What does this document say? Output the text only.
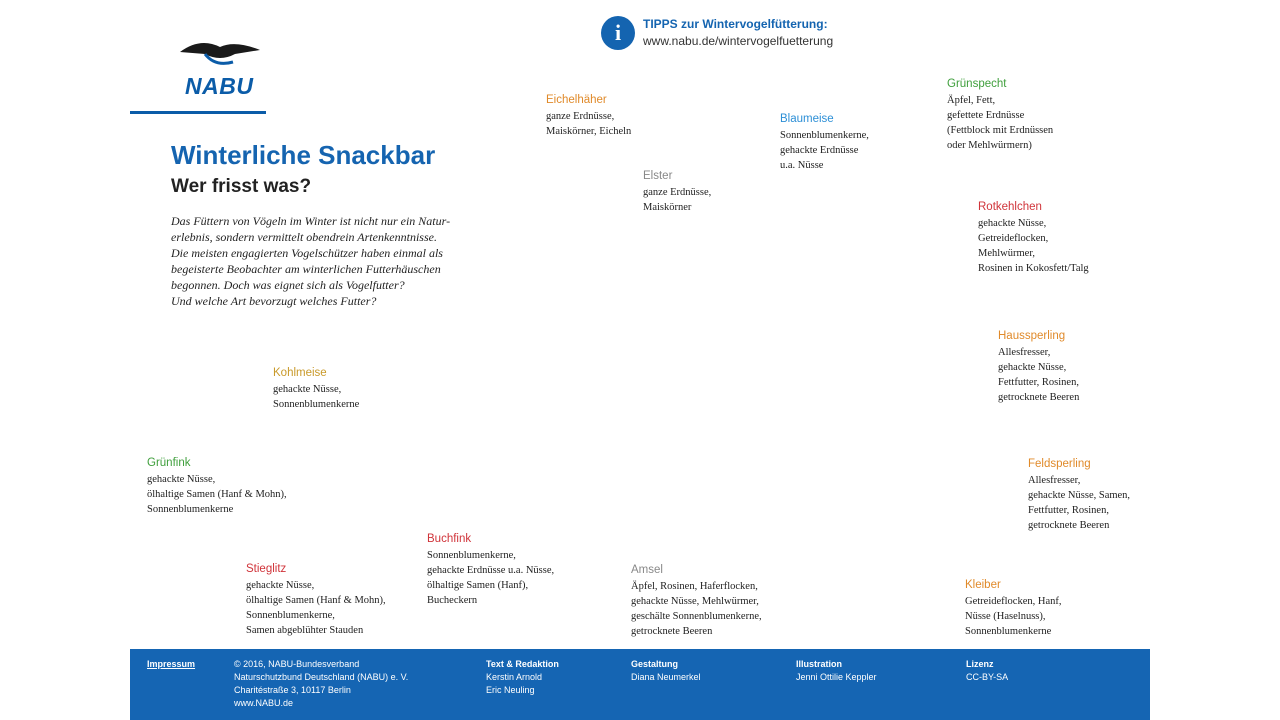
NABU
i	TIPPS zur Wintervogelfütterung:
www.nabu.de/wintervogelfuetterung
Winterliche Snackbar
Wer frisst was?
Das Füttern von Vögeln im Winter ist nicht nur ein Natur-
erlebnis, sondern vermittelt obendrein Artenkenntnisse.
Die meisten engagierten Vogelschützer haben einmal als
begeisterte Beobachter am winterlichen Futterhäuschen
begonnen. Doch was eignet sich als Vogelfutter?
Und welche Art bevorzugt welches Futter?
Eichelhäher
ganze Erdnüsse,
Maiskörner, Eicheln
Elster
ganze Erdnüsse,
Maiskörner
Blaumeise
Sonnenblumenkerne,
gehackte Erdnüsse
u.a. Nüsse
Grünspecht
Äpfel, Fett,
gefettete Erdnüsse
(Fettblock mit Erdnüssen
oder Mehlwürmern)
Rotkehlchen
gehackte Nüsse,
Getreideflocken,
Mehlwürmer,
Rosinen in Kokosfett/Talg
Haussperling
Allesfresser,
gehackte Nüsse,
Fettfutter, Rosinen,
getrocknete Beeren
Feldsperling
Allesfresser,
gehackte Nüsse, Samen,
Fettfutter, Rosinen,
getrocknete Beeren
Kohlmeise
gehackte Nüsse,
Sonnenblumenkerne
Grünfink
gehackte Nüsse,
ölhaltige Samen (Hanf & Mohn),
Sonnenblumenkerne
Stieglitz
gehackte Nüsse,
ölhaltige Samen (Hanf & Mohn),
Sonnenblumenkerne,
Samen abgeblühter Stauden
Buchfink
Sonnenblumenkerne,
gehackte Erdnüsse u.a. Nüsse,
ölhaltige Samen (Hanf),
Bucheckern
Amsel
Äpfel, Rosinen, Haferflocken,
gehackte Nüsse, Mehlwürmer,
geschälte Sonnenblumenkerne,
getrocknete Beeren
Kleiber
Getreideflocken, Hanf,
Nüsse (Haselnuss),
Sonnenblumenkerne
Impressum	© 2016, NABU-Bundesverband
Naturschutzbund Deutschland (NABU) e. V.
Charitéstraße 3, 10117 Berlin
www.NABU.de
Text & Redaktion
Kerstin Arnold
Eric Neuling
Gestaltung
Diana Neumerkel
Illustration
Jenni Ottilie Keppler
Lizenz
CC-BY-SA
